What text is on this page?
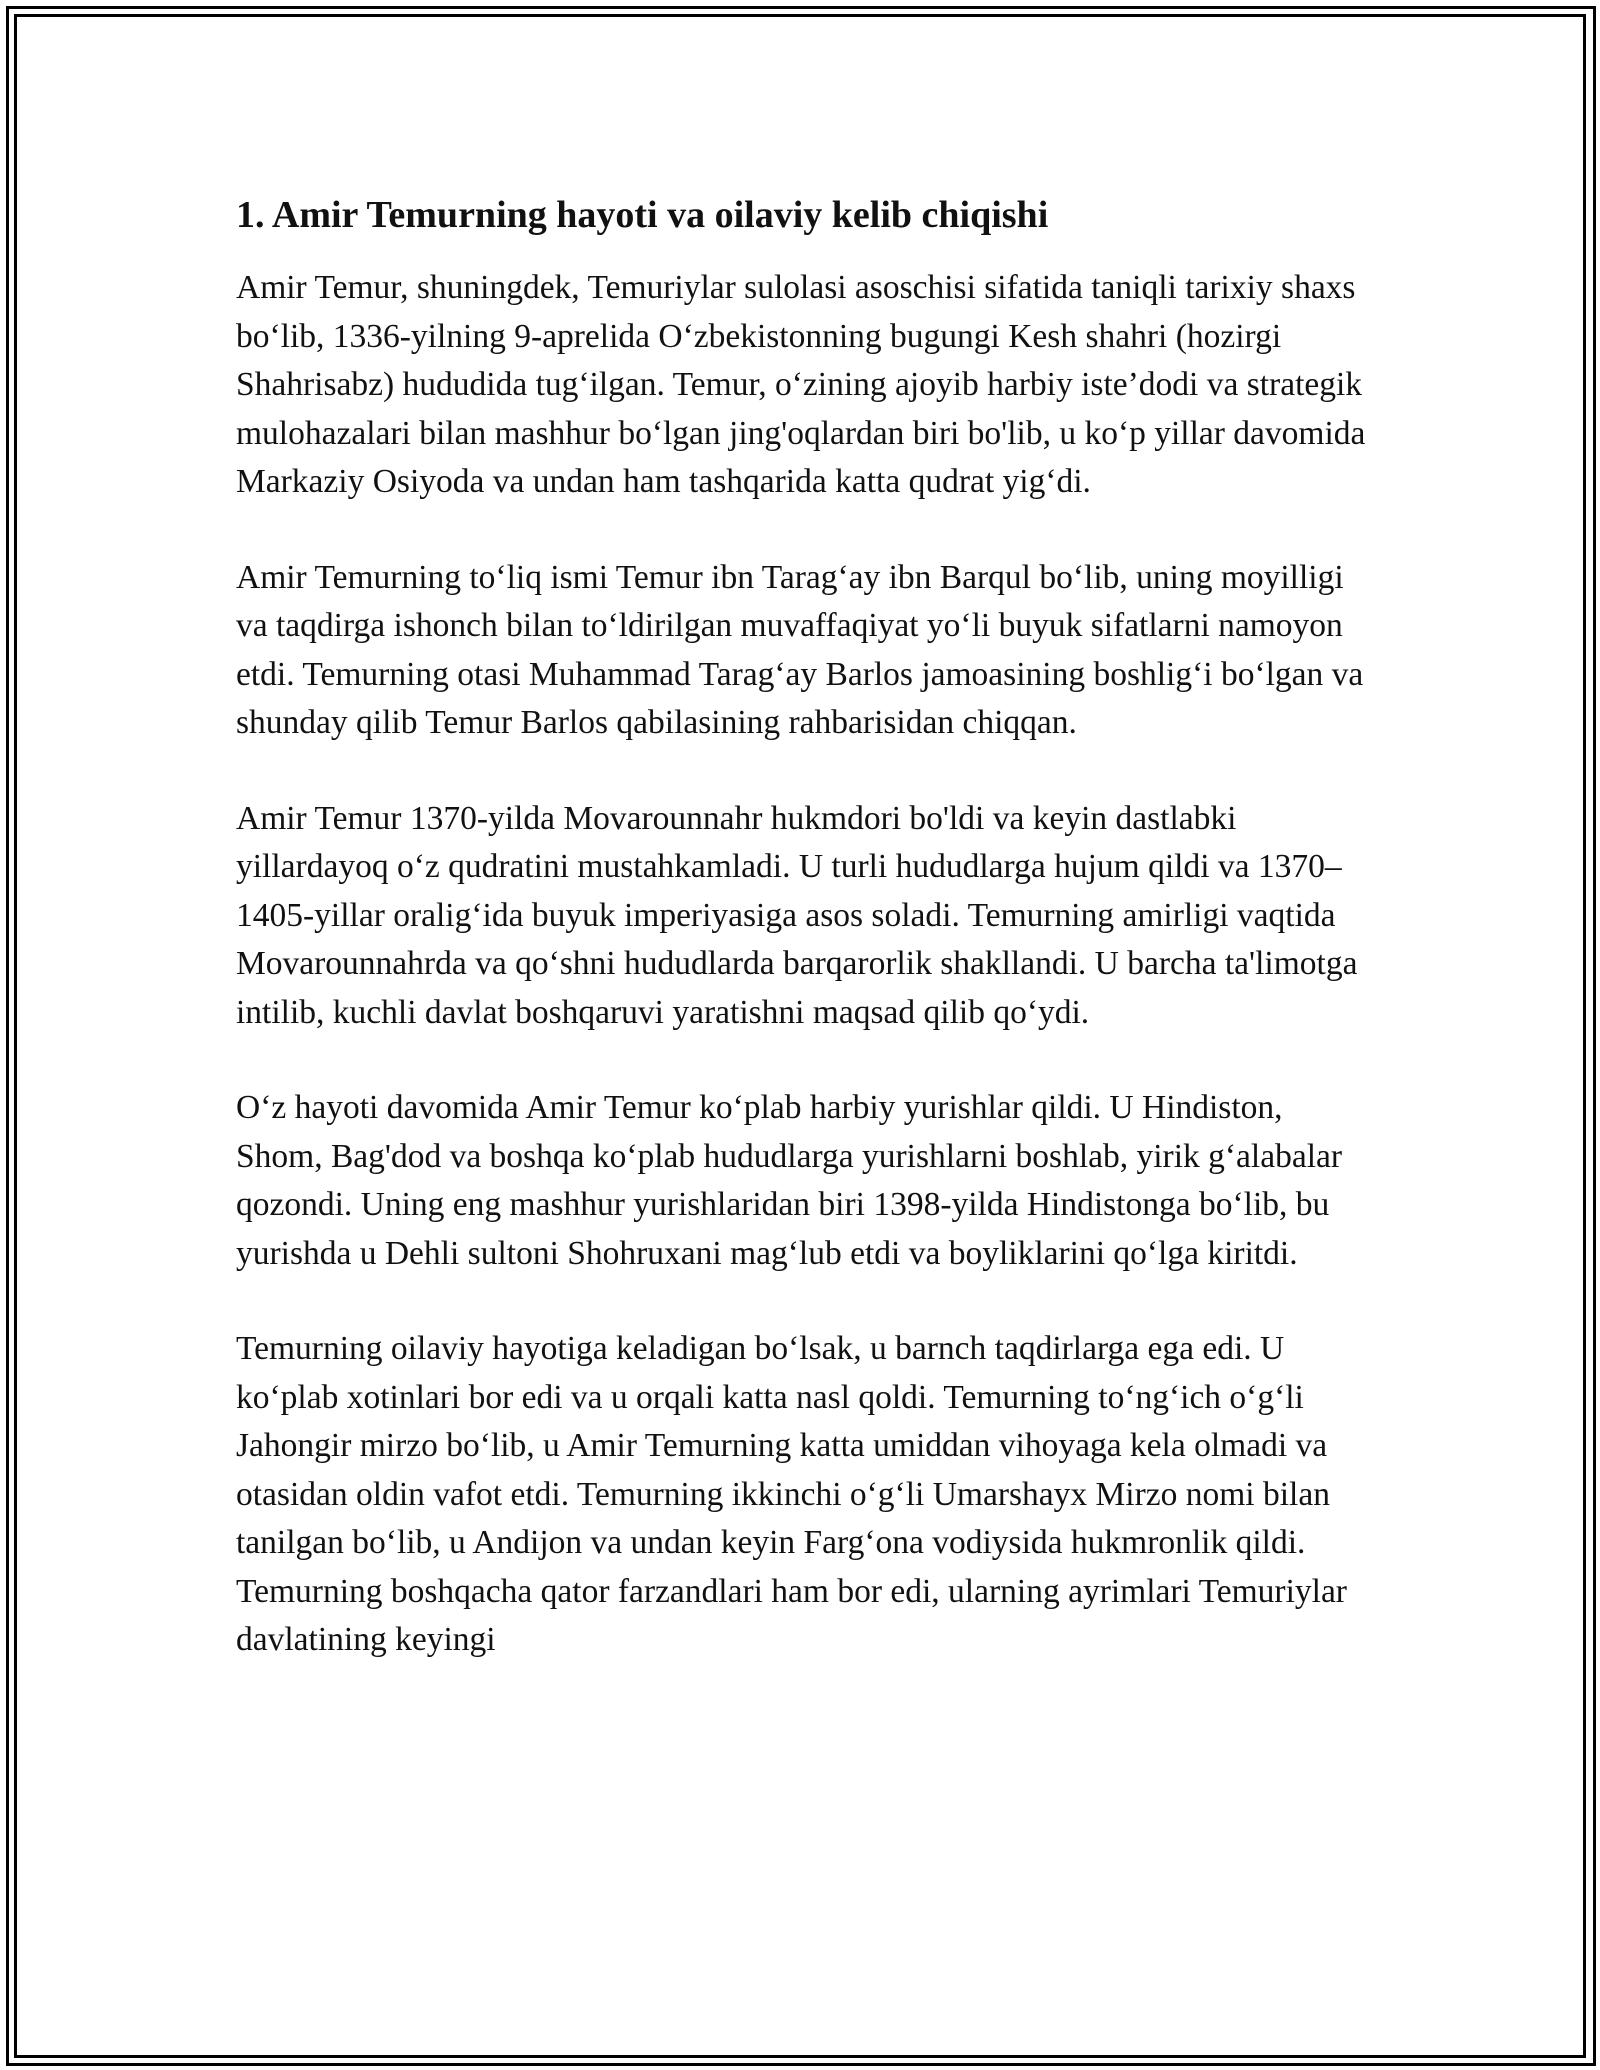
1. Amir Temurning hayoti va oilaviy kelib chiqishi

Amir Temur, shuningdek, Temuriylar sulolasi asoschisi sifatida taniqli tarixiy shaxs bo‘lib, 1336-yilning 9-aprelida O‘zbekistonning bugungi Kesh shahri (hozirgi Shahrisabz) hududida tug‘ilgan. Temur, o‘zining ajoyib harbiy iste’dodi va strategik mulohazalari bilan mashhur bo‘lgan jing'oqlardan biri bo'lib, u ko‘p yillar davomida Markaziy Osiyoda va undan ham tashqarida katta qudrat yig‘di.

Amir Temurning to‘liq ismi Temur ibn Tarag‘ay ibn Barqul bo‘lib, uning moyilligi va taqdirga ishonch bilan to‘ldirilgan muvaffaqiyat yo‘li buyuk sifatlarni namoyon etdi. Temurning otasi Muhammad Tarag‘ay Barlos jamoasining boshlig‘i bo‘lgan va shunday qilib Temur Barlos qabilasining rahbarisidan chiqqan.

Amir Temur 1370-yilda Movarounnahr hukmdori bo'ldi va keyin dastlabki yillardayoq o‘z qudratini mustahkamladi. U turli hududlarga hujum qildi va 1370–1405-yillar oralig‘ida buyuk imperiyasiga asos soladi. Temurning amirligi vaqtida Movarounnahrda va qo‘shni hududlarda barqarorlik shakllandi. U barcha ta'limotga intilib, kuchli davlat boshqaruvi yaratishni maqsad qilib qo‘ydi.

O‘z hayoti davomida Amir Temur ko‘plab harbiy yurishlar qildi. U Hindiston, Shom, Bag'dod va boshqa ko‘plab hududlarga yurishlarni boshlab, yirik g‘alabalar qozondi. Uning eng mashhur yurishlaridan biri 1398-yilda Hindistonga bo‘lib, bu yurishda u Dehli sultoni Shohruxani mag‘lub etdi va boyliklarini qo‘lga kiritdi.

Temurning oilaviy hayotiga keladigan bo‘lsak, u barnch taqdirlarga ega edi. U ko‘plab xotinlari bor edi va u orqali katta nasl qoldi. Temurning to‘ng‘ich o‘g‘li Jahongir mirzo bo‘lib, u Amir Temurning katta umiddan vihoyaga kela olmadi va otasidan oldin vafot etdi. Temurning ikkinchi o‘g‘li Umarshayx Mirzo nomi bilan tanilgan bo‘lib, u Andijon va undan keyin Farg‘ona vodiysida hukmronlik qildi. Temurning boshqacha qator farzandlari ham bor edi, ularning ayrimlari Temuriylar davlatining keyingi
